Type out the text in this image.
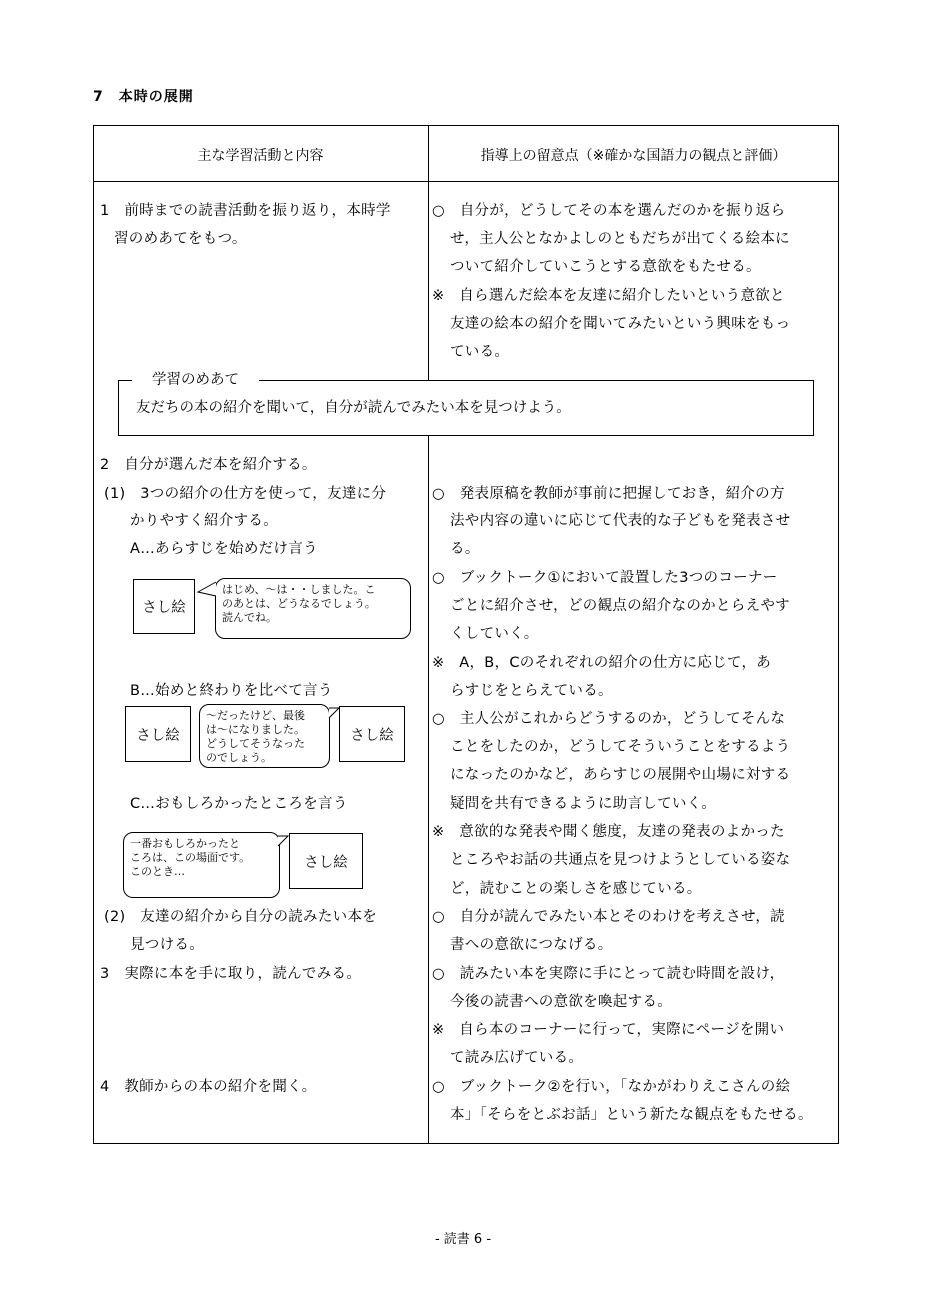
7　本時の展開
主な学習活動と内容	指導上の留意点（※確かな国語力の観点と評価）
1　前時までの読書活動を振り返り，本時学
習のめあてをもつ。
2　自分が選んだ本を紹介する。
(1)　3つの紹介の仕方を使って，友達に分
かりやすく紹介する。
A…あらすじを始めだけ言う
さし絵
はじめ、～は・・しました。こ
のあとは、どうなるでしょう。
読んでね。
B…始めと終わりを比べて言う
さし絵
～だったけど、最後
は～になりました。
どうしてそうなった
のでしょう。
さし絵
C…おもしろかったところを言う
一番おもしろかったと
ころは、この場面です。
このとき…
さし絵
(2)　友達の紹介から自分の読みたい本を
見つける。
3　実際に本を手に取り，読んでみる。
4　教師からの本の紹介を聞く。
○　自分が，どうしてその本を選んだのかを振り返ら
せ，主人公となかよしのともだちが出てくる絵本に
ついて紹介していこうとする意欲をもたせる。
※　自ら選んだ絵本を友達に紹介したいという意欲と
友達の絵本の紹介を聞いてみたいという興味をもっ
ている。
学習のめあて
友だちの本の紹介を聞いて，自分が読んでみたい本を見つけよう。
○　発表原稿を教師が事前に把握しておき，紹介の方
法や内容の違いに応じて代表的な子どもを発表させ
る。
○　ブックトーク①において設置した3つのコーナー
ごとに紹介させ，どの観点の紹介なのかとらえやす
くしていく。
※　A，B，Cのそれぞれの紹介の仕方に応じて，あ
らすじをとらえている。
○　主人公がこれからどうするのか，どうしてそんな
ことをしたのか，どうしてそういうことをするよう
になったのかなど，あらすじの展開や山場に対する
疑問を共有できるように助言していく。
※　意欲的な発表や聞く態度，友達の発表のよかった
ところやお話の共通点を見つけようとしている姿な
ど，読むことの楽しさを感じている。
○　自分が読んでみたい本とそのわけを考えさせ，読
書への意欲につなげる。
○　読みたい本を実際に手にとって読む時間を設け，
今後の読書への意欲を喚起する。
※　自ら本のコーナーに行って，実際にページを開い
て読み広げている。
○　ブックトーク②を行い，「なかがわりえこさんの絵
本」「そらをとぶお話」という新たな観点をもたせる。
- 読書 6 -
